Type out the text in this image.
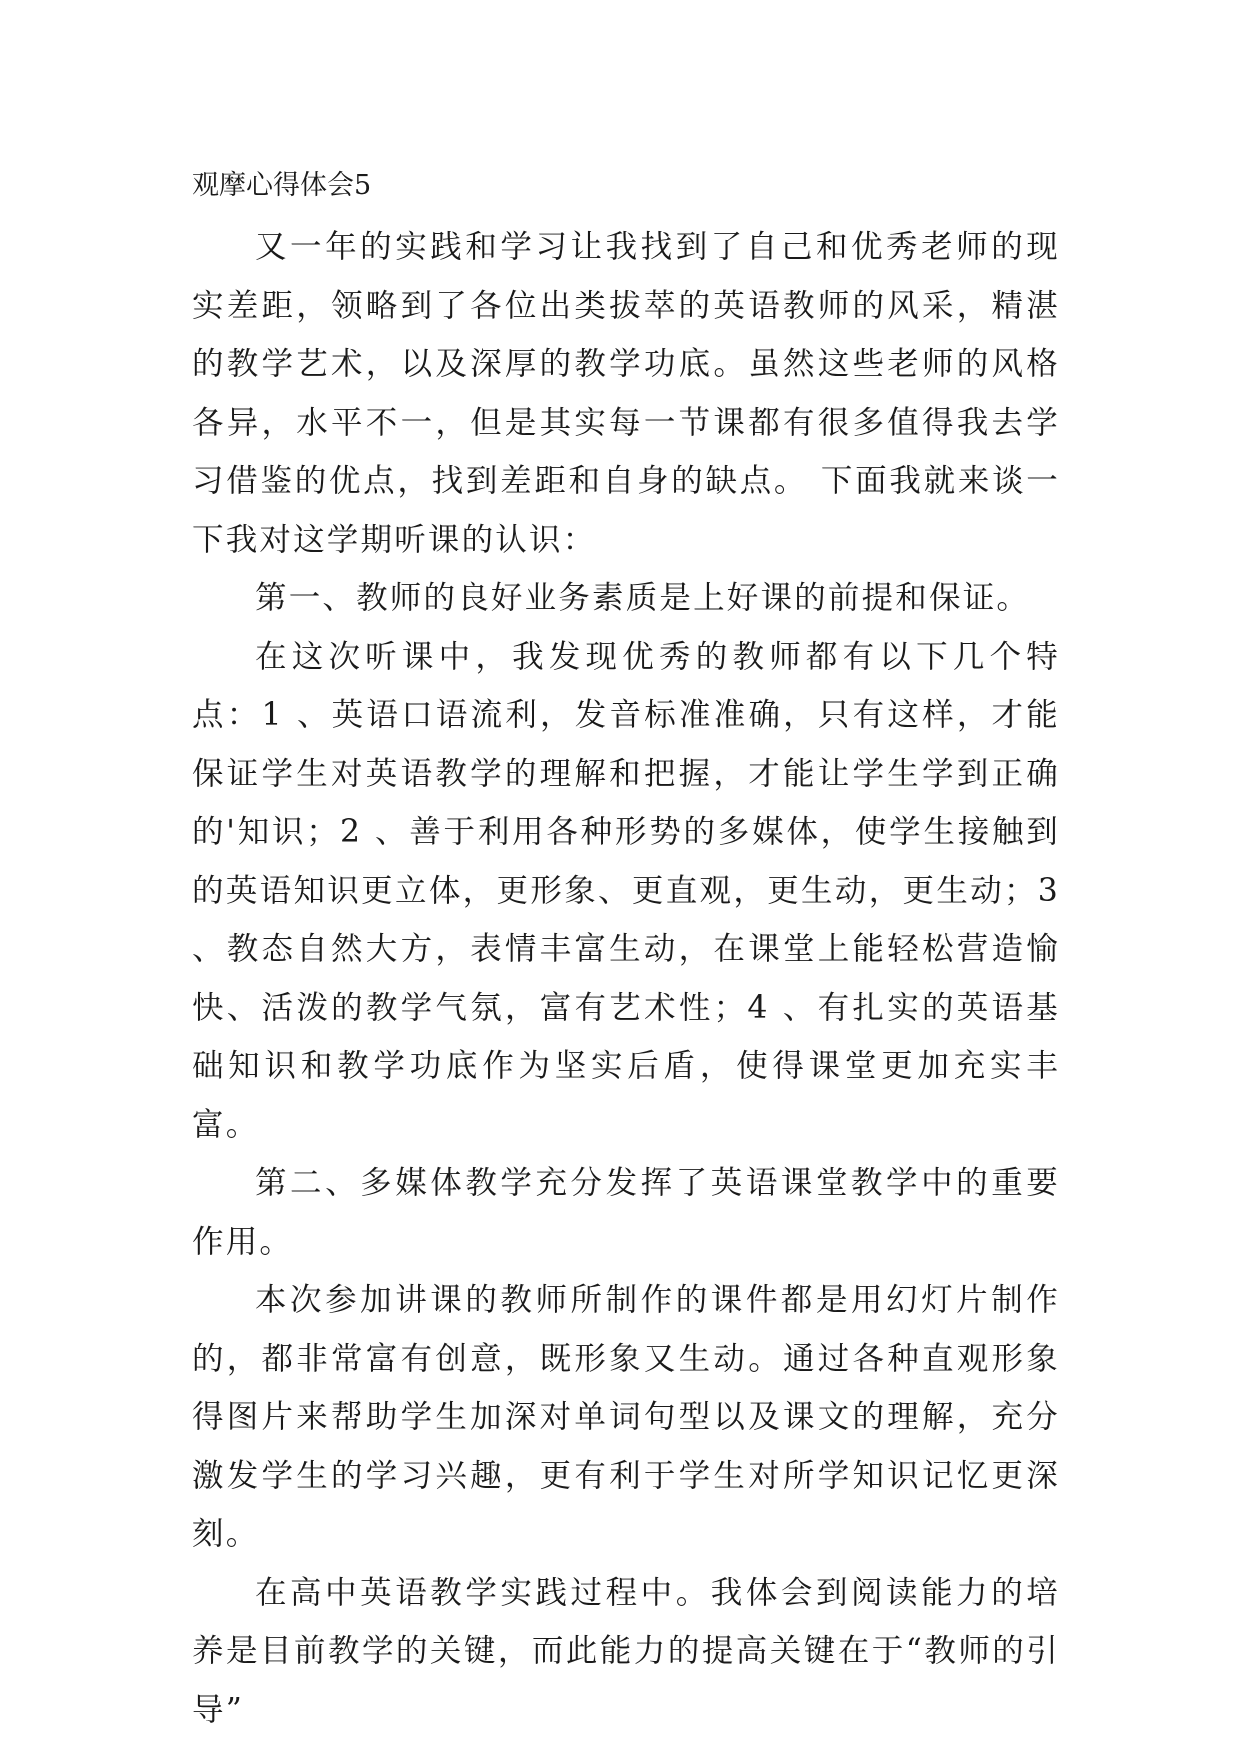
观摩心得体会5

又一年的实践和学习让我找到了自己和优秀老师的现实差距，领略到了各位出类拔萃的英语教师的风采，精湛的教学艺术，以及深厚的教学功底。虽然这些老师的风格各异，水平不一，但是其实每一节课都有很多值得我去学习借鉴的优点，找到差距和自身的缺点。 下面我就来谈一下我对这学期听课的认识：

第一、教师的良好业务素质是上好课的前提和保证。

在这次听课中，我发现优秀的教师都有以下几个特点：1 、英语口语流利，发音标准准确，只有这样，才能保证学生对英语教学的理解和把握，才能让学生学到正确的'知识；2 、善于利用各种形势的多媒体，使学生接触到的英语知识更立体，更形象、更直观，更生动，更生动；3 、教态自然大方，表情丰富生动，在课堂上能轻松营造愉快、活泼的教学气氛，富有艺术性；4 、有扎实的英语基础知识和教学功底作为坚实后盾，使得课堂更加充实丰富。

第二、多媒体教学充分发挥了英语课堂教学中的重要作用。

本次参加讲课的教师所制作的课件都是用幻灯片制作的，都非常富有创意，既形象又生动。通过各种直观形象得图片来帮助学生加深对单词句型以及课文的理解，充分激发学生的学习兴趣，更有利于学生对所学知识记忆更深刻。

在高中英语教学实践过程中。我体会到阅读能力的培养是目前教学的关键，而此能力的提高关键在于“教师的引导”
